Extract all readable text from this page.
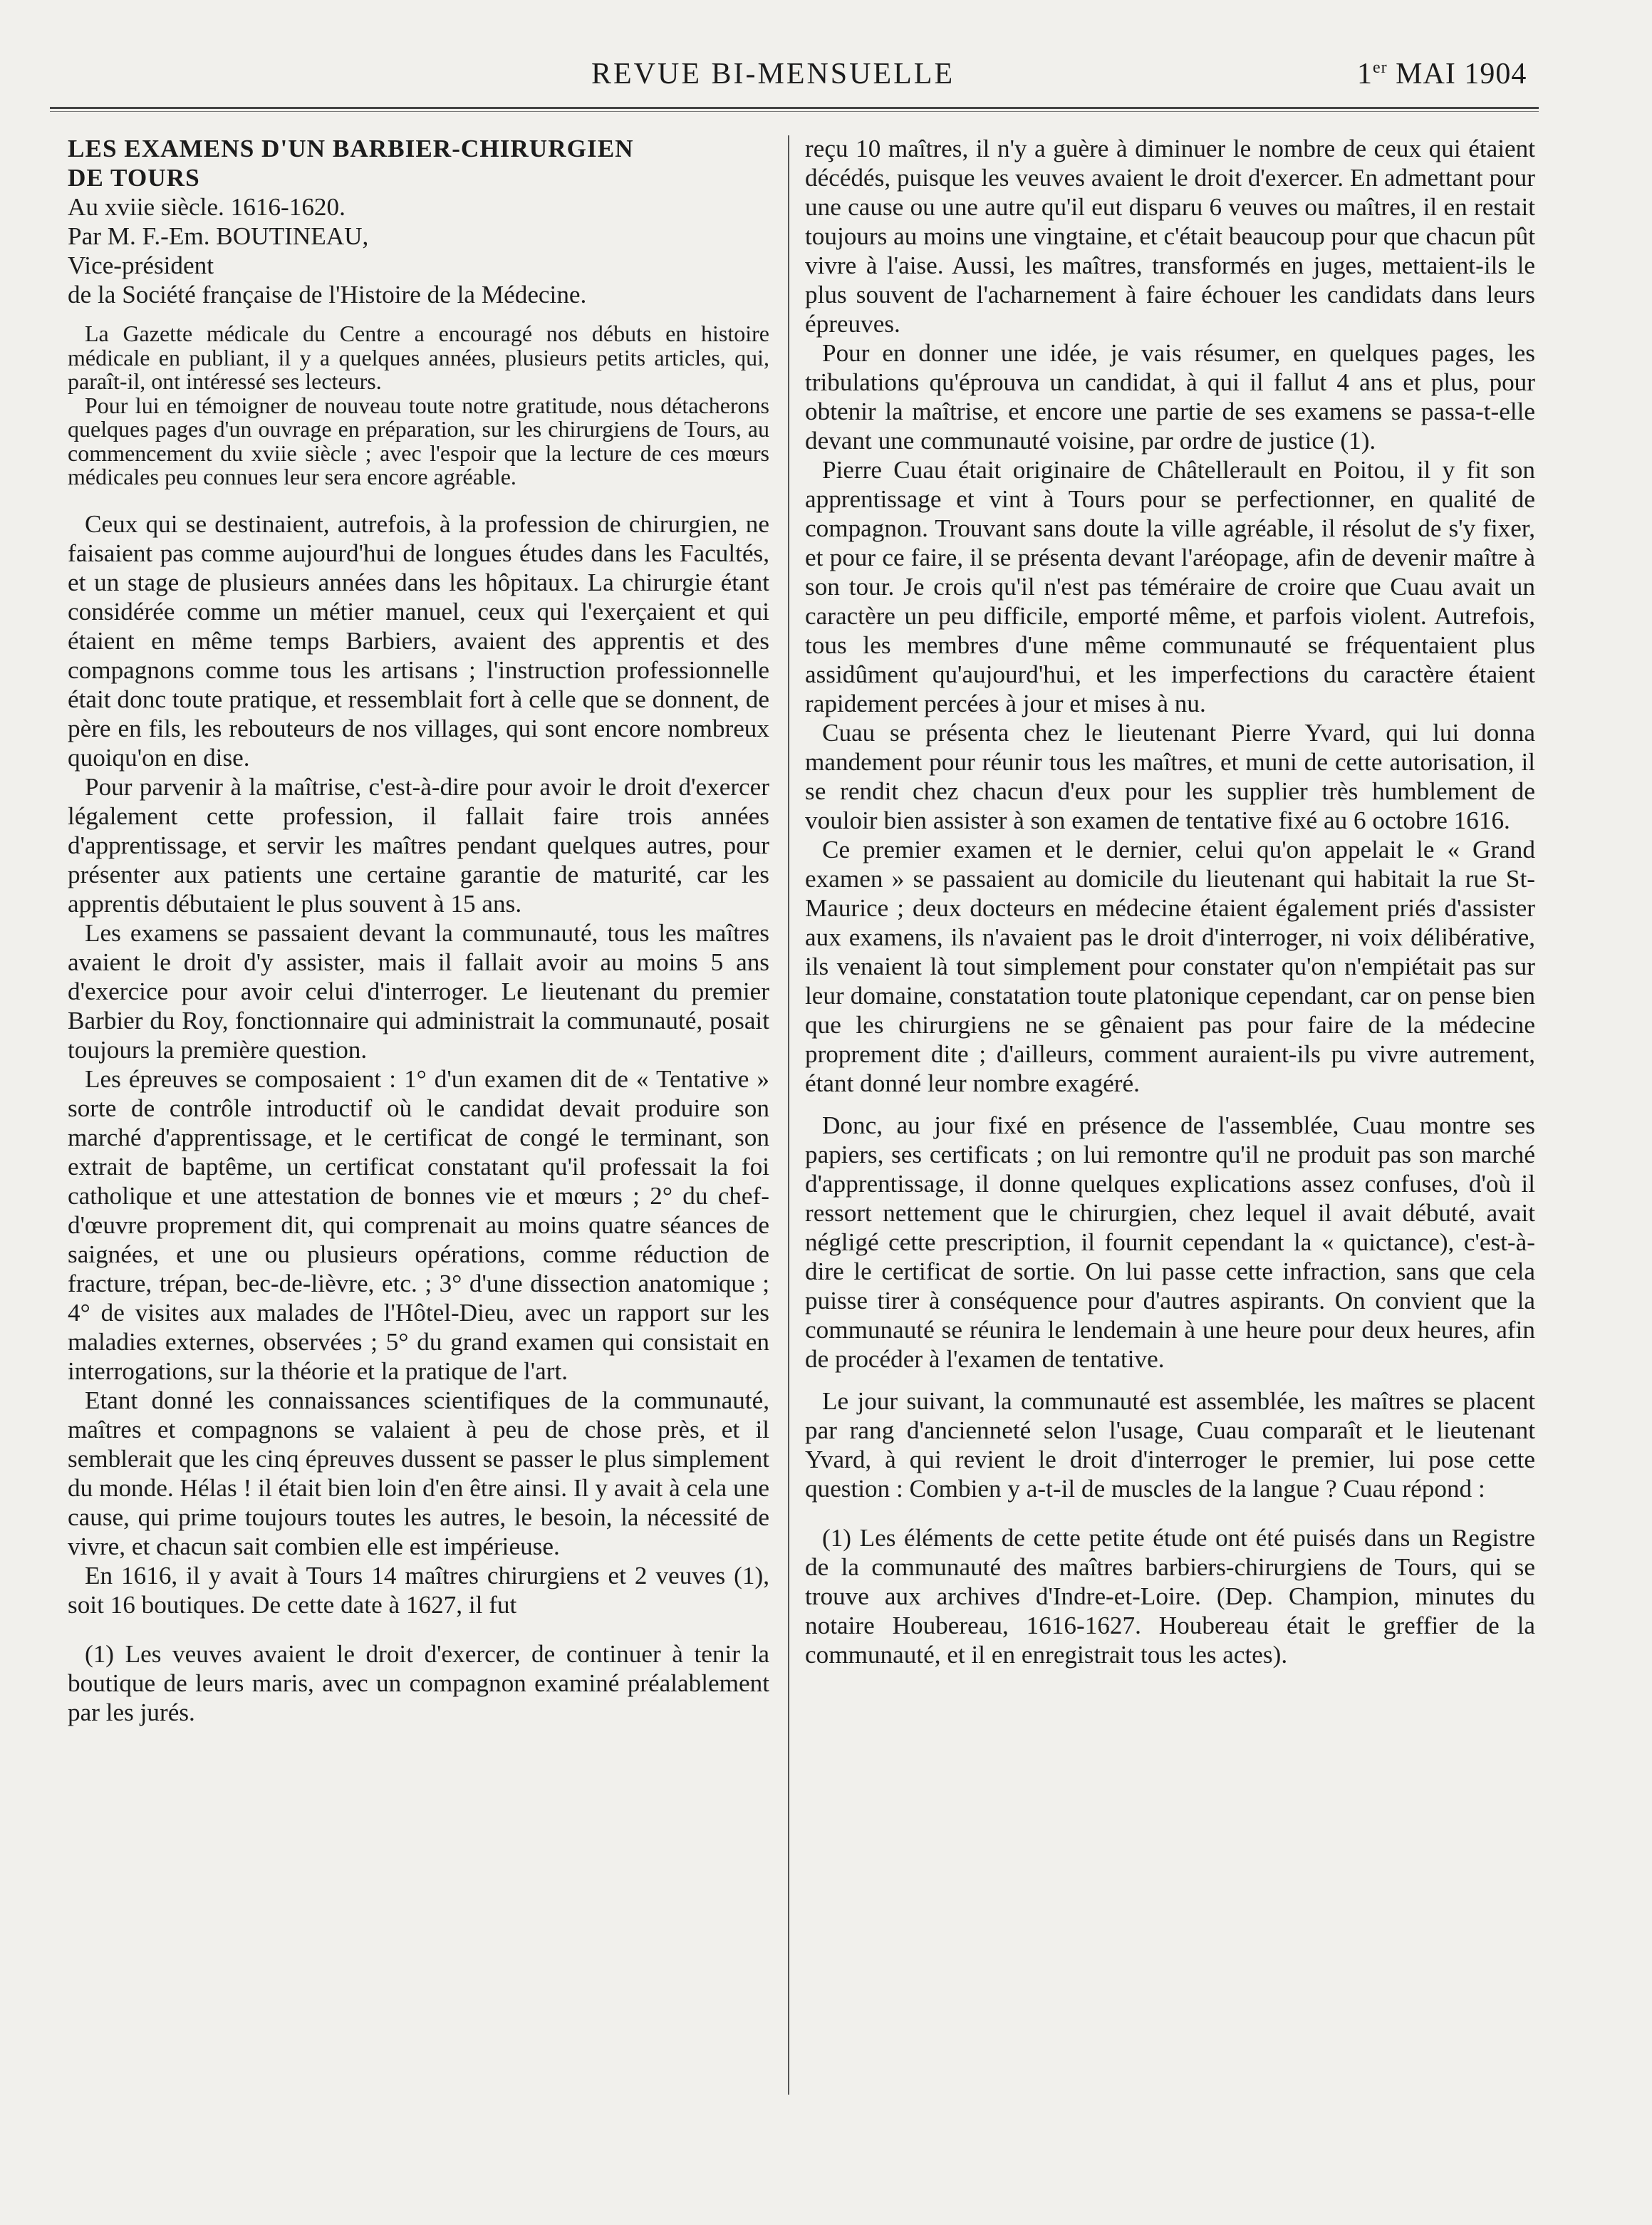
REVUE BI-MENSUELLE	1er MAI 1904

LES EXAMENS D'UN BARBIER-CHIRURGIEN

DE TOURS

Au xviie siècle. 1616-1620.

Par M. F.-Em. BOUTINEAU,

Vice-président

de la Société française de l'Histoire de la Médecine.

La Gazette médicale du Centre a encouragé nos débuts en histoire médicale en publiant, il y a quelques années, plusieurs petits articles, qui, paraît-il, ont intéressé ses lecteurs.

Pour lui en témoigner de nouveau toute notre gratitude, nous détacherons quelques pages d'un ouvrage en préparation, sur les chirurgiens de Tours, au commencement du xviie siècle ; avec l'espoir que la lecture de ces mœurs médicales peu connues leur sera encore agréable.

Ceux qui se destinaient, autrefois, à la profession de chirurgien, ne faisaient pas comme aujourd'hui de longues études dans les Facultés, et un stage de plusieurs années dans les hôpitaux. La chirurgie étant considérée comme un métier manuel, ceux qui l'exerçaient et qui étaient en même temps Barbiers, avaient des apprentis et des compagnons comme tous les artisans ; l'instruction professionnelle était donc toute pratique, et ressemblait fort à celle que se donnent, de père en fils, les rebouteurs de nos villages, qui sont encore nombreux quoiqu'on en dise.

Pour parvenir à la maîtrise, c'est-à-dire pour avoir le droit d'exercer légalement cette profession, il fallait faire trois années d'apprentissage, et servir les maîtres pendant quelques autres, pour présenter aux patients une certaine garantie de maturité, car les apprentis débutaient le plus souvent à 15 ans.

Les examens se passaient devant la communauté, tous les maîtres avaient le droit d'y assister, mais il fallait avoir au moins 5 ans d'exercice pour avoir celui d'interroger. Le lieutenant du premier Barbier du Roy, fonctionnaire qui administrait la communauté, posait toujours la première question.

Les épreuves se composaient : 1° d'un examen dit de « Tentative » sorte de contrôle introductif où le candidat devait produire son marché d'apprentissage, et le certificat de congé le terminant, son extrait de baptême, un certificat constatant qu'il professait la foi catholique et une attestation de bonnes vie et mœurs ; 2° du chef-d'œuvre proprement dit, qui comprenait au moins quatre séances de saignées, et une ou plusieurs opérations, comme réduction de fracture, trépan, bec-de-lièvre, etc. ; 3° d'une dissection anatomique ; 4° de visites aux malades de l'Hôtel-Dieu, avec un rapport sur les maladies externes, observées ; 5° du grand examen qui consistait en interrogations, sur la théorie et la pratique de l'art.

Etant donné les connaissances scientifiques de la communauté, maîtres et compagnons se valaient à peu de chose près, et il semblerait que les cinq épreuves dussent se passer le plus simplement du monde. Hélas ! il était bien loin d'en être ainsi. Il y avait à cela une cause, qui prime toujours toutes les autres, le besoin, la nécessité de vivre, et chacun sait combien elle est impérieuse.

En 1616, il y avait à Tours 14 maîtres chirurgiens et 2 veuves (1), soit 16 boutiques. De cette date à 1627, il fut

(1) Les veuves avaient le droit d'exercer, de continuer à tenir la boutique de leurs maris, avec un compagnon examiné préalablement par les jurés.

reçu 10 maîtres, il n'y a guère à diminuer le nombre de ceux qui étaient décédés, puisque les veuves avaient le droit d'exercer. En admettant pour une cause ou une autre qu'il eut disparu 6 veuves ou maîtres, il en restait toujours au moins une vingtaine, et c'était beaucoup pour que chacun pût vivre à l'aise. Aussi, les maîtres, transformés en juges, mettaient-ils le plus souvent de l'acharnement à faire échouer les candidats dans leurs épreuves.

Pour en donner une idée, je vais résumer, en quelques pages, les tribulations qu'éprouva un candidat, à qui il fallut 4 ans et plus, pour obtenir la maîtrise, et encore une partie de ses examens se passa-t-elle devant une communauté voisine, par ordre de justice (1).

Pierre Cuau était originaire de Châtellerault en Poitou, il y fit son apprentissage et vint à Tours pour se perfectionner, en qualité de compagnon. Trouvant sans doute la ville agréable, il résolut de s'y fixer, et pour ce faire, il se présenta devant l'aréopage, afin de devenir maître à son tour. Je crois qu'il n'est pas téméraire de croire que Cuau avait un caractère un peu difficile, emporté même, et parfois violent. Autrefois, tous les membres d'une même communauté se fréquentaient plus assidûment qu'aujourd'hui, et les imperfections du caractère étaient rapidement percées à jour et mises à nu.

Cuau se présenta chez le lieutenant Pierre Yvard, qui lui donna mandement pour réunir tous les maîtres, et muni de cette autorisation, il se rendit chez chacun d'eux pour les supplier très humblement de vouloir bien assister à son examen de tentative fixé au 6 octobre 1616.

Ce premier examen et le dernier, celui qu'on appelait le « Grand examen » se passaient au domicile du lieutenant qui habitait la rue St-Maurice ; deux docteurs en médecine étaient également priés d'assister aux examens, ils n'avaient pas le droit d'interroger, ni voix délibérative, ils venaient là tout simplement pour constater qu'on n'empiétait pas sur leur domaine, constatation toute platonique cependant, car on pense bien que les chirurgiens ne se gênaient pas pour faire de la médecine proprement dite ; d'ailleurs, comment auraient-ils pu vivre autrement, étant donné leur nombre exagéré.

Donc, au jour fixé en présence de l'assemblée, Cuau montre ses papiers, ses certificats ; on lui remontre qu'il ne produit pas son marché d'apprentissage, il donne quelques explications assez confuses, d'où il ressort nettement que le chirurgien, chez lequel il avait débuté, avait négligé cette prescription, il fournit cependant la « quictance), c'est-à-dire le certificat de sortie. On lui passe cette infraction, sans que cela puisse tirer à conséquence pour d'autres aspirants. On convient que la communauté se réunira le lendemain à une heure pour deux heures, afin de procéder à l'examen de tentative.

Le jour suivant, la communauté est assemblée, les maîtres se placent par rang d'ancienneté selon l'usage, Cuau comparaît et le lieutenant Yvard, à qui revient le droit d'interroger le premier, lui pose cette question : Combien y a-t-il de muscles de la langue ? Cuau répond :

(1) Les éléments de cette petite étude ont été puisés dans un Registre de la communauté des maîtres barbiers-chirurgiens de Tours, qui se trouve aux archives d'Indre-et-Loire. (Dep. Champion, minutes du notaire Houbereau, 1616-1627. Houbereau était le greffier de la communauté, et il en enregistrait tous les actes).
